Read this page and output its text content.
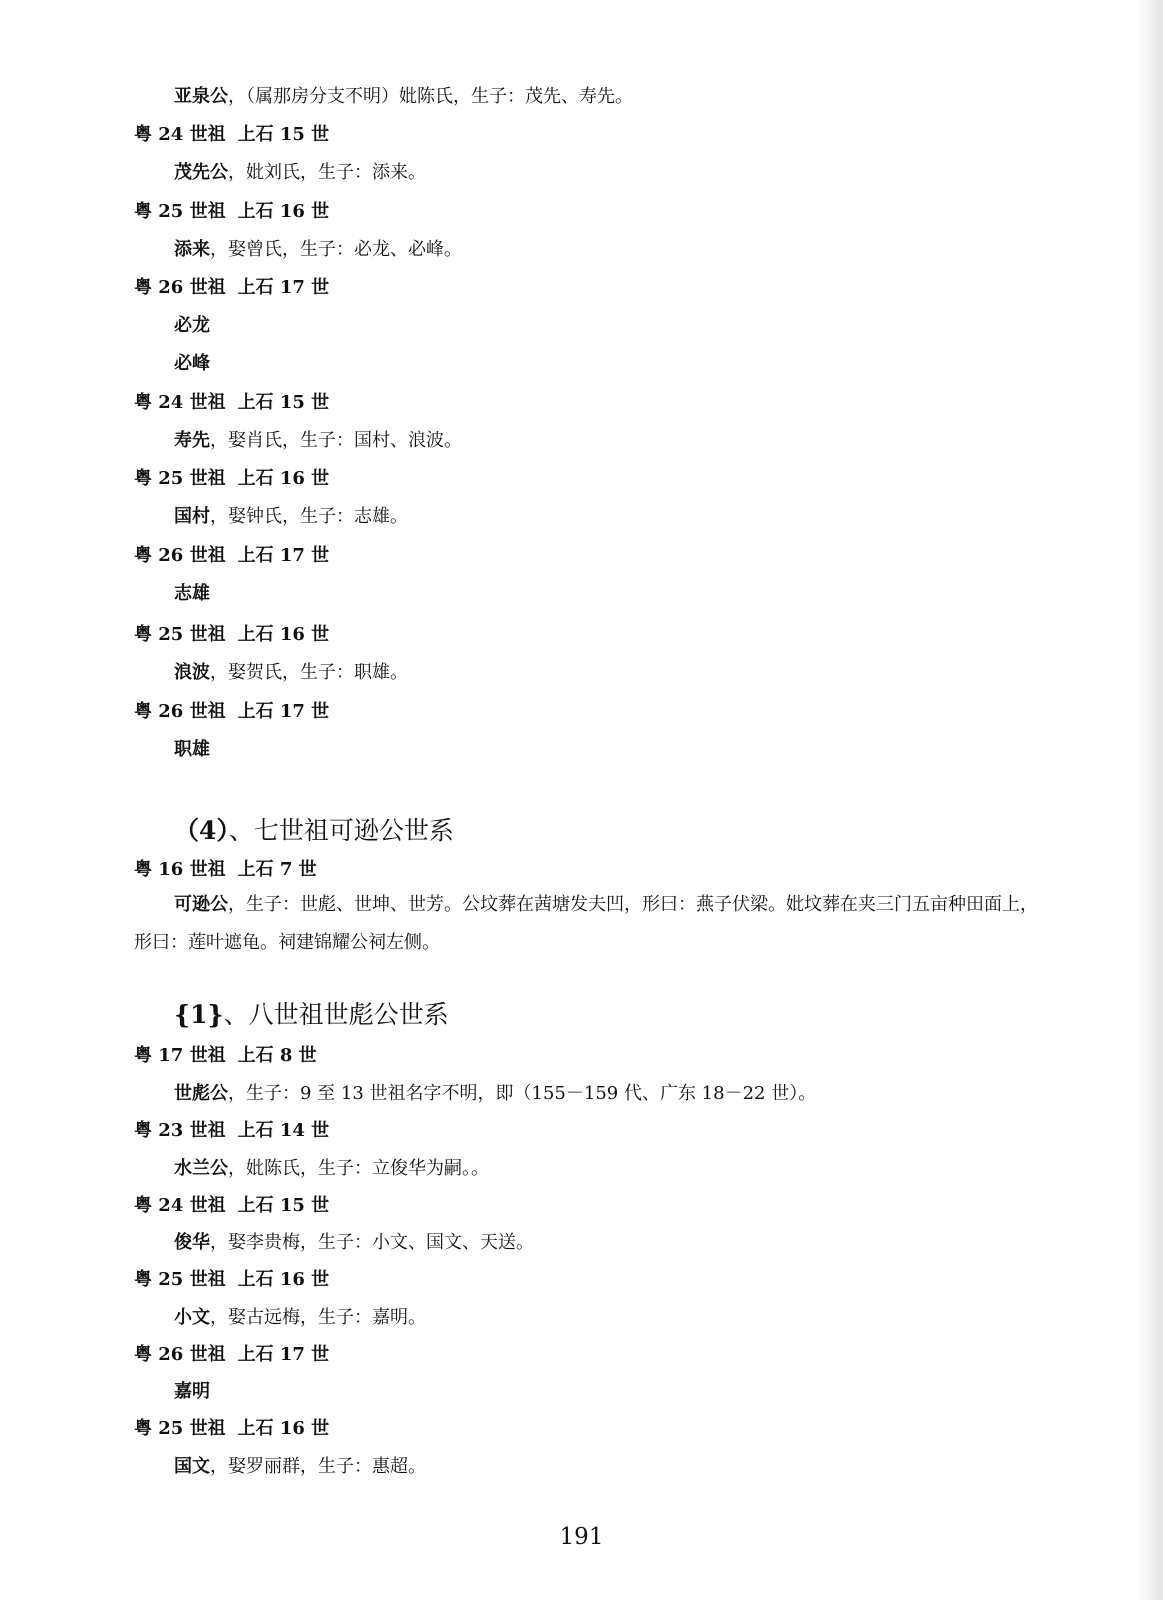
亚泉公，（属那房分支不明）妣陈氏，生子：茂先、寿先。
粤 24 世祖 上石 15 世
茂先公，妣刘氏，生子：添来。
粤 25 世祖 上石 16 世
添来，娶曾氏，生子：必龙、必峰。
粤 26 世祖 上石 17 世
必龙
必峰
粤 24 世祖 上石 15 世
寿先，娶肖氏，生子：国村、浪波。
粤 25 世祖 上石 16 世
国村，娶钟氏，生子：志雄。
粤 26 世祖 上石 17 世
志雄
粤 25 世祖 上石 16 世
浪波，娶贺氏，生子：职雄。
粤 26 世祖 上石 17 世
职雄
（4）、七世祖可逊公世系
粤 16 世祖 上石 7 世
可逊公，生子：世彪、世坤、世芳。公坟葬在茜塘发夫凹，形曰：燕子伏梁。妣坟葬在夹三门五亩种田面上，形曰：莲叶遮龟。祠建锦耀公祠左侧。
{1}、八世祖世彪公世系
粤 17 世祖 上石 8 世
世彪公，生子：9 至 13 世祖名字不明，即（155－159 代、广东 18－22 世）。
粤 23 世祖 上石 14 世
水兰公，妣陈氏，生子：立俊华为嗣。。
粤 24 世祖 上石 15 世
俊华，娶李贵梅，生子：小文、国文、天送。
粤 25 世祖 上石 16 世
小文，娶古远梅，生子：嘉明。
粤 26 世祖 上石 17 世
嘉明
粤 25 世祖 上石 16 世
国文，娶罗丽群，生子：惠超。
191
